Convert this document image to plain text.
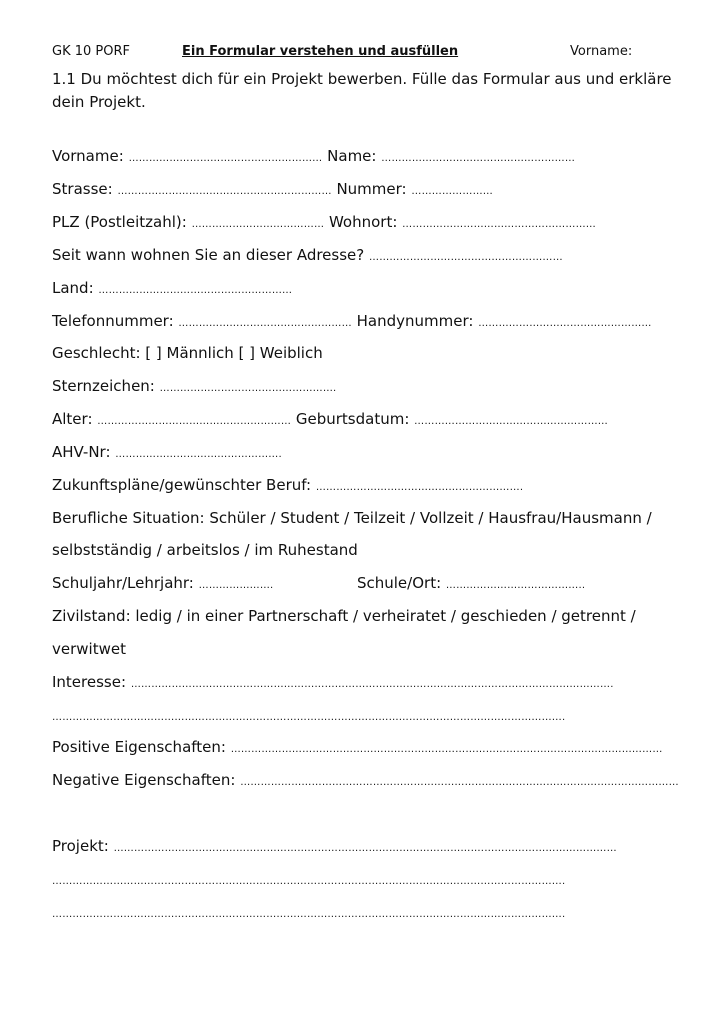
GK 10 PORF	Ein Formular verstehen und ausfüllen	Vorname:
1.1 Du möchtest dich für ein Projekt bewerben. Fülle das Formular aus und erkläre dein Projekt.
Vorname: ………………………………………………… Name: …………………………………………………
Strasse: ……………………………………………………… Nummer: ……………………
PLZ (Postleitzahl): ………………………………… Wohnort: …………………………………………………
Seit wann wohnen Sie an dieser Adresse? …………………………………………………
Land: …………………………………………………
Telefonnummer: …………………………………………… Handynummer: ……………………………………………
Geschlecht: [ ] Männlich [ ] Weiblich
Sternzeichen: …………………………………………….
Alter: ………………………………………………… Geburtsdatum: …………………………………………………
AHV-Nr: ………………………………………….
Zukunftspläne/gewünschter Beruf: …………………………………………………….
Berufliche Situation: Schüler / Student / Teilzeit / Vollzeit / Hausfrau/Hausmann /
selbstständig / arbeitslos / im Ruhestand
Schuljahr/Lehrjahr: ………………….	Schule/Ort: …………………………………..
Zivilstand: ledig / in einer Partnerschaft / verheiratet / geschieden / getrennt /
verwitwet
Interesse: …………………………………………………………………………………………………………………………….
…………………………………………………………………………………………………………………………………….
Positive Eigenschaften: ……………………………………………………………………………………………….………………
Negative Eigenschaften: …………………………………………………………………………………………………………………
Projekt: ……………………………………………………………………………………………….…………………………………
…………………………………………………………………………………………………………………………………….
…………………………………………………………………………………………………………………………………….
